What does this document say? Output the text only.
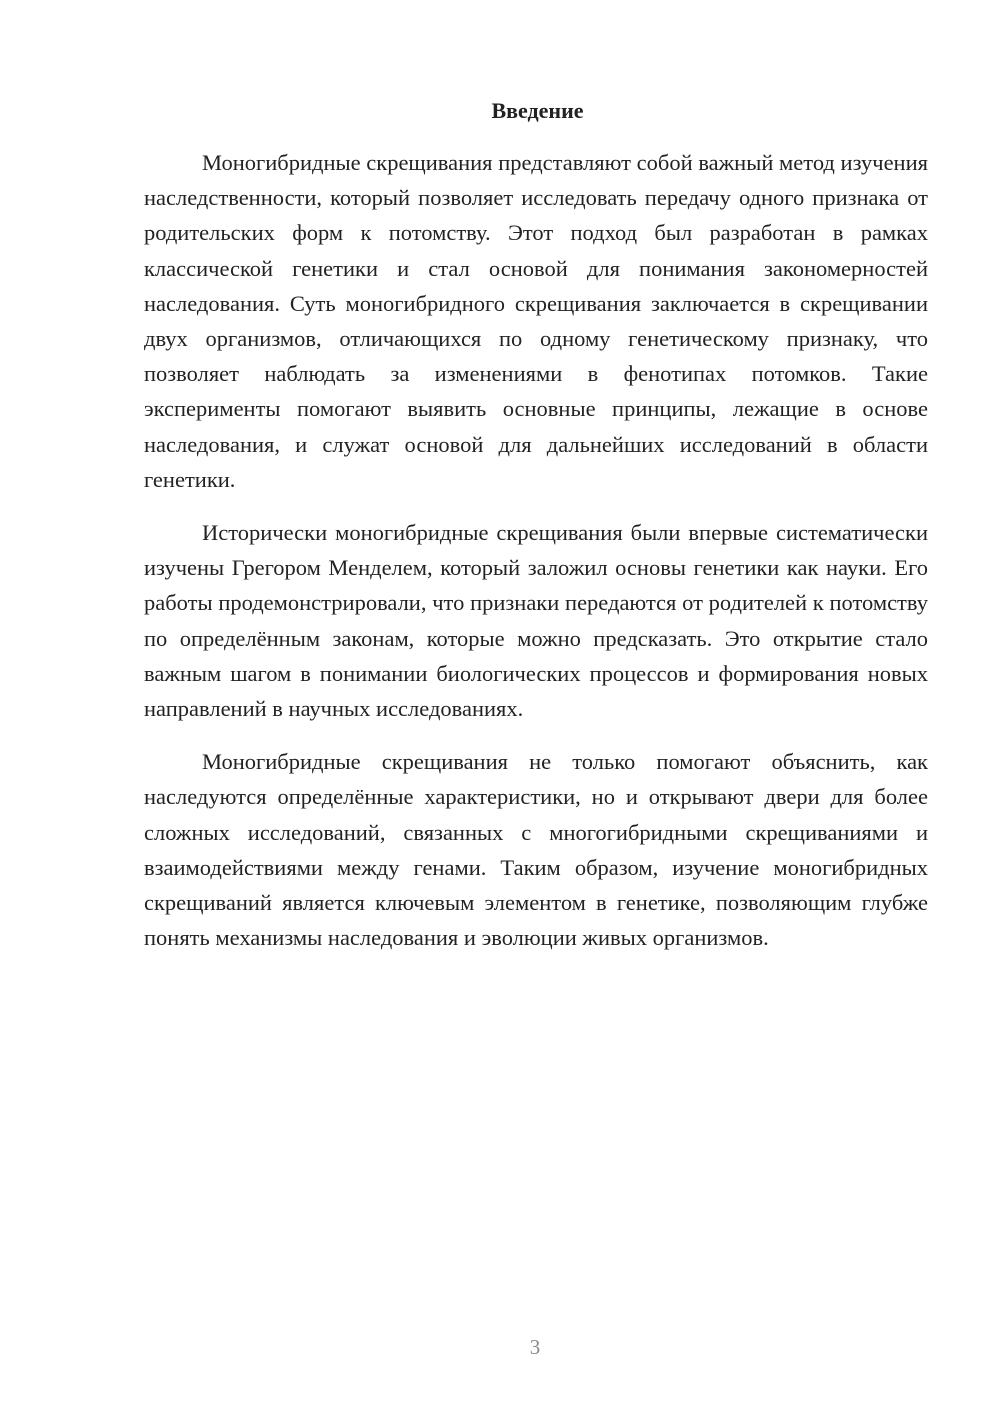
Введение

Моногибридные скрещивания представляют собой важный метод изучения наследственности, который позволяет исследовать передачу одного признака от родительских форм к потомству. Этот подход был разработан в рамках классической генетики и стал основой для понимания закономерностей наследования. Суть моногибридного скрещивания заключается в скрещивании двух организмов, отличающихся по одному генетическому признаку, что позволяет наблюдать за изменениями в фенотипах потомков. Такие эксперименты помогают выявить основные принципы, лежащие в основе наследования, и служат основой для дальнейших исследований в области генетики.

Исторически моногибридные скрещивания были впервые систематически изучены Грегором Менделем, который заложил основы генетики как науки. Его работы продемонстрировали, что признаки передаются от родителей к потомству по определённым законам, которые можно предсказать. Это открытие стало важным шагом в понимании биологических процессов и формирования новых направлений в научных исследованиях.

Моногибридные скрещивания не только помогают объяснить, как наследуются определённые характеристики, но и открывают двери для более сложных исследований, связанных с многогибридными скрещиваниями и взаимодействиями между генами. Таким образом, изучение моногибридных скрещиваний является ключевым элементом в генетике, позволяющим глубже понять механизмы наследования и эволюции живых организмов.

3
